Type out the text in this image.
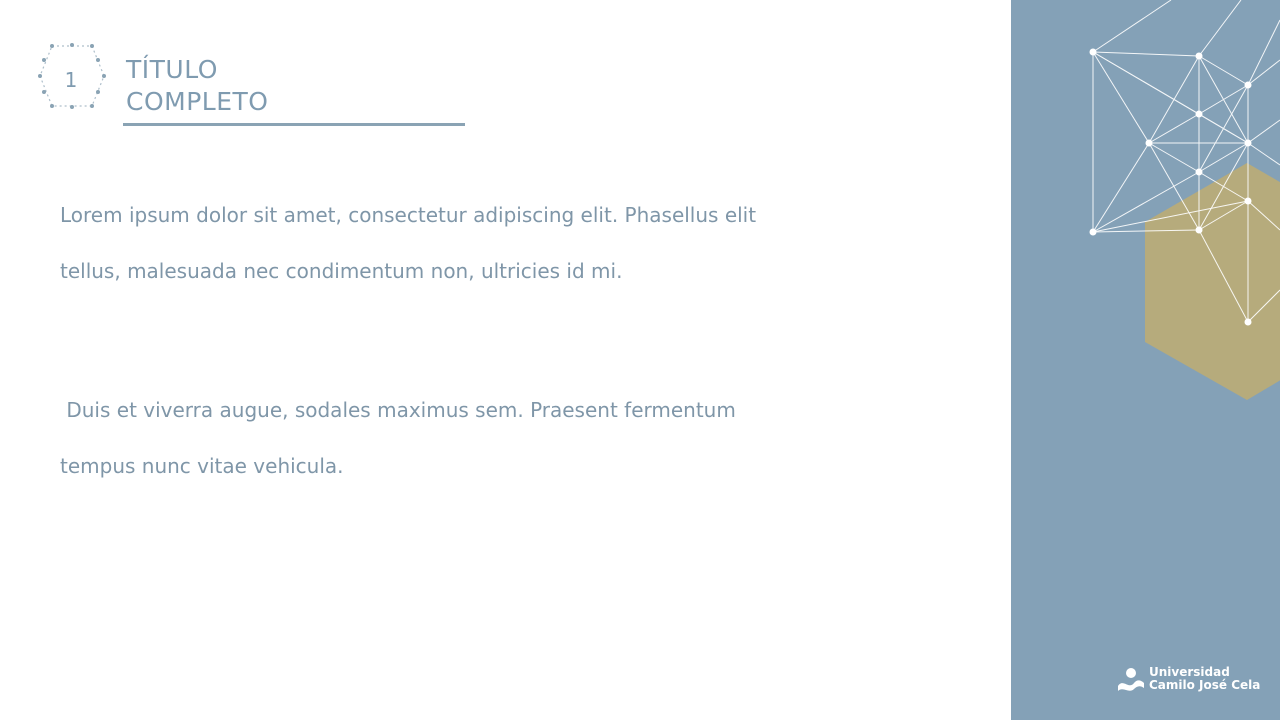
1	TÍTULO
COMPLETO
Lorem ipsum dolor sit amet, consectetur adipiscing elit. Phasellus elit
tellus, malesuada nec condimentum non, ultricies id mi.
Duis et viverra augue, sodales maximus sem. Praesent fermentum
tempus nunc vitae vehicula.
Universidad
Camilo José Cela
